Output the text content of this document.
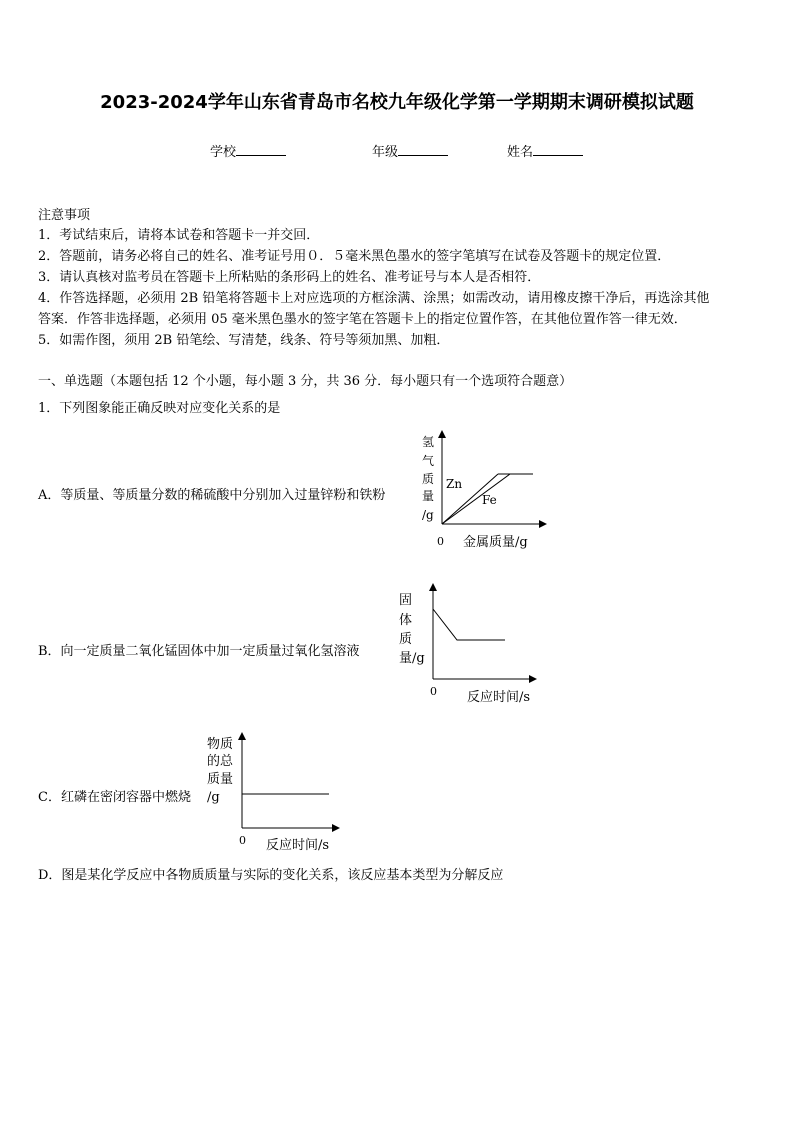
2023-2024学年山东省青岛市名校九年级化学第一学期期末调研模拟试题
学校	年级	姓名
注意事项
1．考试结束后，请将本试卷和答题卡一并交回．
2．答题前，请务必将自己的姓名、准考证号用０．５毫米黑色墨水的签字笔填写在试卷及答题卡的规定位置．
3．请认真核对监考员在答题卡上所粘贴的条形码上的姓名、准考证号与本人是否相符．
4．作答选择题，必须用 2B 铅笔将答题卡上对应选项的方框涂满、涂黑；如需改动，请用橡皮擦干净后，再选涂其他
答案．作答非选择题，必须用 05 毫米黑色墨水的签字笔在答题卡上的指定位置作答，在其他位置作答一律无效．
5．如需作图，须用 2B 铅笔绘、写清楚，线条、符号等须加黑、加粗．
一、单选题（本题包括 12 个小题，每小题 3 分，共 36 分．每小题只有一个选项符合题意）
1．下列图象能正确反映对应变化关系的是
A．等质量、等质量分数的稀硫酸中分别加入过量锌粉和铁粉
氢
气
质
量
/g
Zn
Fe
0 金属质量/g
B．向一定质量二氧化锰固体中加一定质量过氧化氢溶液
固
体
质
量/g
0 反应时间/s
C．红磷在密闭容器中燃烧
物质
的总
质量
/g
0 反应时间/s
D．图是某化学反应中各物质质量与实际的变化关系，该反应基本类型为分解反应
